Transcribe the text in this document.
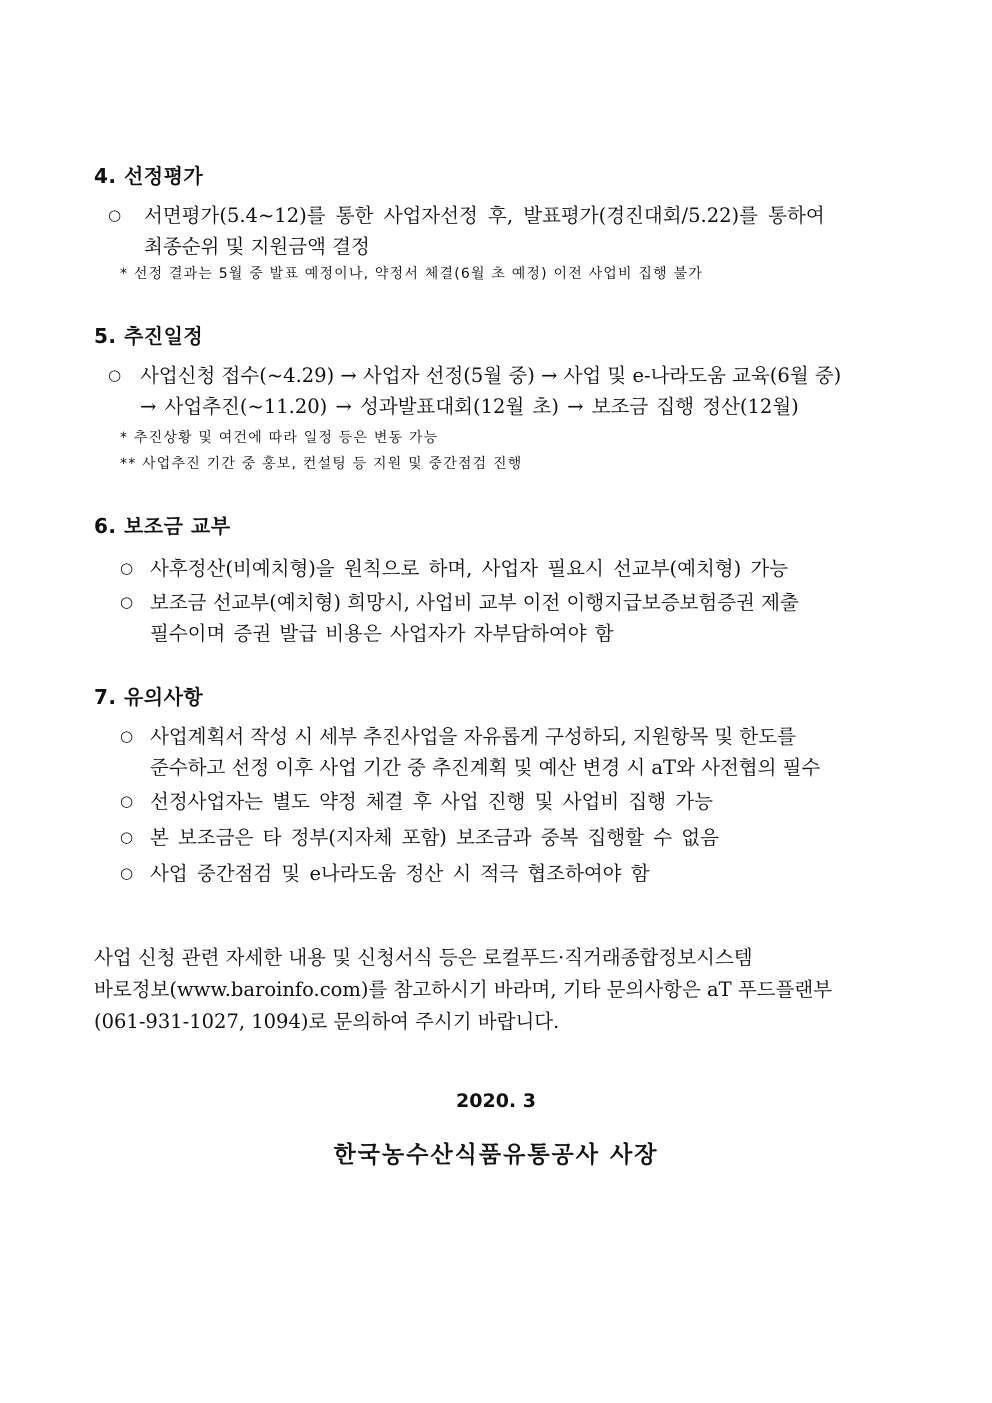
4. 선정평가
○ 서면평가(5.4~12)를 통한 사업자선정 후, 발표평가(경진대회/5.22)를 통하여
최종순위 및 지원금액 결정
* 선정 결과는 5월 중 발표 예정이나, 약정서 체결(6월 초 예정) 이전 사업비 집행 불가
5. 추진일정
○ 사업신청 접수(~4.29) → 사업자 선정(5월 중) → 사업 및 e-나라도움 교육(6월 중)
→ 사업추진(~11.20) → 성과발표대회(12월 초) → 보조금 집행 정산(12월)
* 추진상황 및 여건에 따라 일정 등은 변동 가능
** 사업추진 기간 중 홍보, 컨설팅 등 지원 및 중간점검 진행
6. 보조금 교부
○ 사후정산(비예치형)을 원칙으로 하며, 사업자 필요시 선교부(예치형) 가능
○ 보조금 선교부(예치형) 희망시, 사업비 교부 이전 이행지급보증보험증권 제출
필수이며 증권 발급 비용은 사업자가 자부담하여야 함
7. 유의사항
○ 사업계획서 작성 시 세부 추진사업을 자유롭게 구성하되, 지원항목 및 한도를
준수하고 선정 이후 사업 기간 중 추진계획 및 예산 변경 시 aT와 사전협의 필수
○ 선정사업자는 별도 약정 체결 후 사업 진행 및 사업비 집행 가능
○ 본 보조금은 타 정부(지자체 포함) 보조금과 중복 집행할 수 없음
○ 사업 중간점검 및 e나라도움 정산 시 적극 협조하여야 함
사업 신청 관련 자세한 내용 및 신청서식 등은 로컬푸드·직거래종합정보시스템
바로정보(www.baroinfo.com)를 참고하시기 바라며, 기타 문의사항은 aT 푸드플랜부
(061-931-1027, 1094)로 문의하여 주시기 바랍니다.
2020. 3
한국농수산식품유통공사 사장
